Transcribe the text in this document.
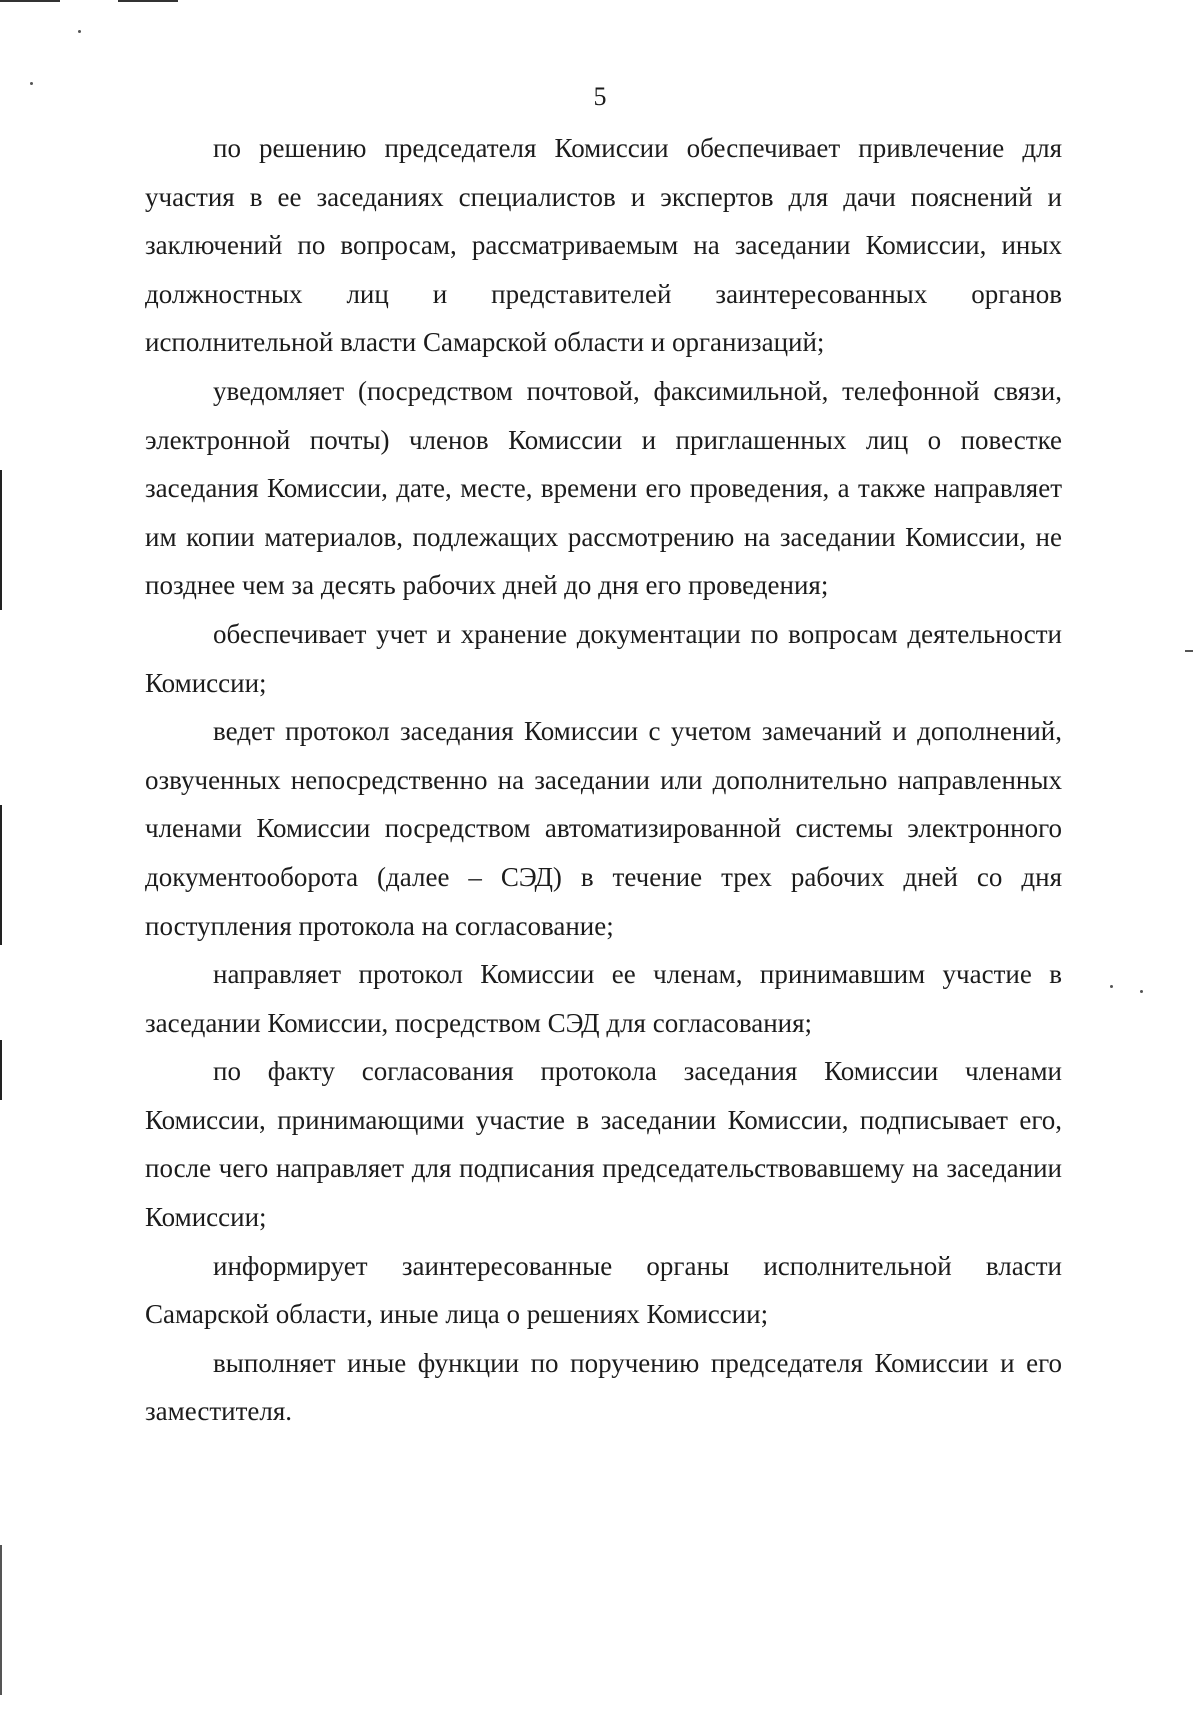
5

по решению председателя Комиссии обеспечивает привлечение для участия в ее заседаниях специалистов и экспертов для дачи пояснений и заключений по вопросам, рассматриваемым на заседании Комиссии, иных должностных лиц и представителей заинтересованных органов исполнительной власти Самарской области и организаций;

уведомляет (посредством почтовой, факсимильной, телефонной связи, электронной почты) членов Комиссии и приглашенных лиц о повестке заседания Комиссии, дате, месте, времени его проведения, а также направляет им копии материалов, подлежащих рассмотрению на заседании Комиссии, не позднее чем за десять рабочих дней до дня его проведения;

обеспечивает учет и хранение документации по вопросам деятельности Комиссии;

ведет протокол заседания Комиссии с учетом замечаний и дополнений, озвученных непосредственно на заседании или дополнительно направленных членами Комиссии посредством автоматизированной системы электронного документооборота (далее – СЭД) в течение трех рабочих дней со дня поступления протокола на согласование;

направляет протокол Комиссии ее членам, принимавшим участие в заседании Комиссии, посредством СЭД для согласования;

по факту согласования протокола заседания Комиссии членами Комиссии, принимающими участие в заседании Комиссии, подписывает его, после чего направляет для подписания председательствовавшему на заседании Комиссии;

информирует заинтересованные органы исполнительной власти Самарской области, иные лица о решениях Комиссии;

выполняет иные функции по поручению председателя Комиссии и его заместителя.
